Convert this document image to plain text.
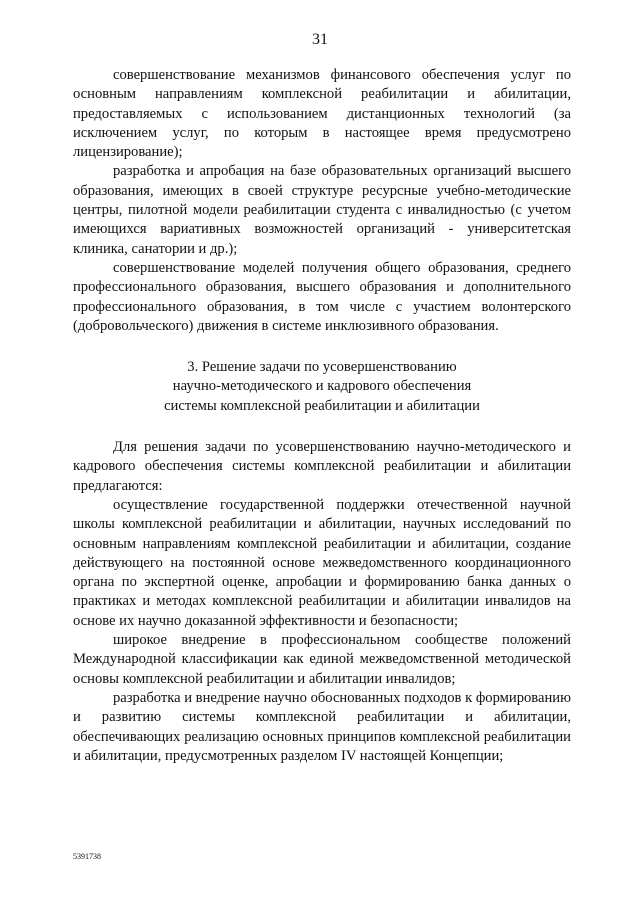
31

совершенствование механизмов финансового обеспечения услуг по основным направлениям комплексной реабилитации и абилитации, предоставляемых с использованием дистанционных технологий (за исключением услуг, по которым в настоящее время предусмотрено лицензирование);

разработка и апробация на базе образовательных организаций высшего образования, имеющих в своей структуре ресурсные учебно-методические центры, пилотной модели реабилитации студента с инвалидностью (с учетом имеющихся вариативных возможностей организаций - университетская клиника, санатории и др.);

совершенствование моделей получения общего образования, среднего профессионального образования, высшего образования и дополнительного профессионального образования, в том числе с участием волонтерского (добровольческого) движения в системе инклюзивного образования.

3. Решение задачи по усовершенствованию
научно-методического и кадрового обеспечения
системы комплексной реабилитации и абилитации

Для решения задачи по усовершенствованию научно-методического и кадрового обеспечения системы комплексной реабилитации и абилитации предлагаются:

осуществление государственной поддержки отечественной научной школы комплексной реабилитации и абилитации, научных исследований по основным направлениям комплексной реабилитации и абилитации, создание действующего на постоянной основе межведомственного координационного органа по экспертной оценке, апробации и формированию банка данных о практиках и методах комплексной реабилитации и абилитации инвалидов на основе их научно доказанной эффективности и безопасности;

широкое внедрение в профессиональном сообществе положений Международной классификации как единой межведомственной методической основы комплексной реабилитации и абилитации инвалидов;

разработка и внедрение научно обоснованных подходов к формированию и развитию системы комплексной реабилитации и абилитации, обеспечивающих реализацию основных принципов комплексной реабилитации и абилитации, предусмотренных разделом IV настоящей Концепции;

5391738
